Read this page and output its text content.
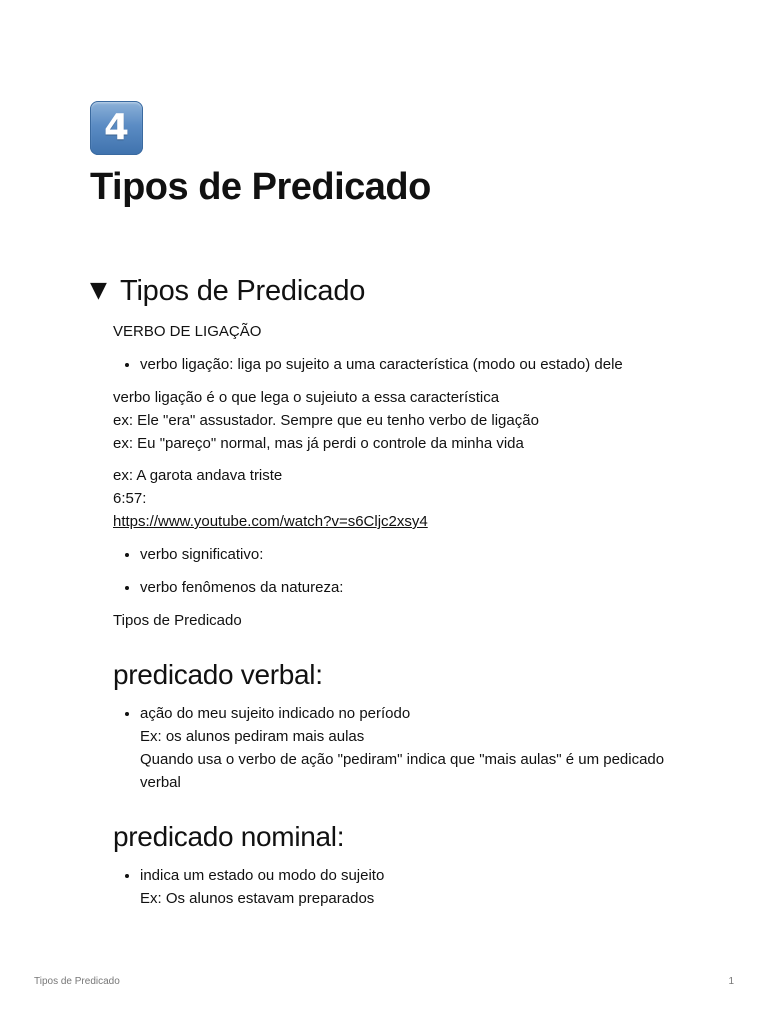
4
Tipos de Predicado
▼ Tipos de Predicado

VERBO DE LIGAÇÃO

• verbo ligação: liga po sujeito a uma característica (modo ou estado) dele

verbo ligação é o que lega o sujeiuto a essa característica

ex: Ele "era" assustador. Sempre que eu tenho verbo de ligação

ex: Eu "pareço" normal, mas já perdi o controle da minha vida

ex: A garota andava triste

6:57:

https://www.youtube.com/watch?v=s6Cljc2xsy4

• verbo significativo:
• verbo fenômenos da natureza:

Tipos de Predicado

predicado verbal:
• ação do meu sujeito indicado no período
Ex: os alunos pediram mais aulas
Quando usa o verbo de ação "pediram" indica que "mais aulas" é um pedicado verbal
predicado nominal:
• indica um estado ou modo do sujeito
Ex: Os alunos estavam preparados
Tipos de Predicado	1
